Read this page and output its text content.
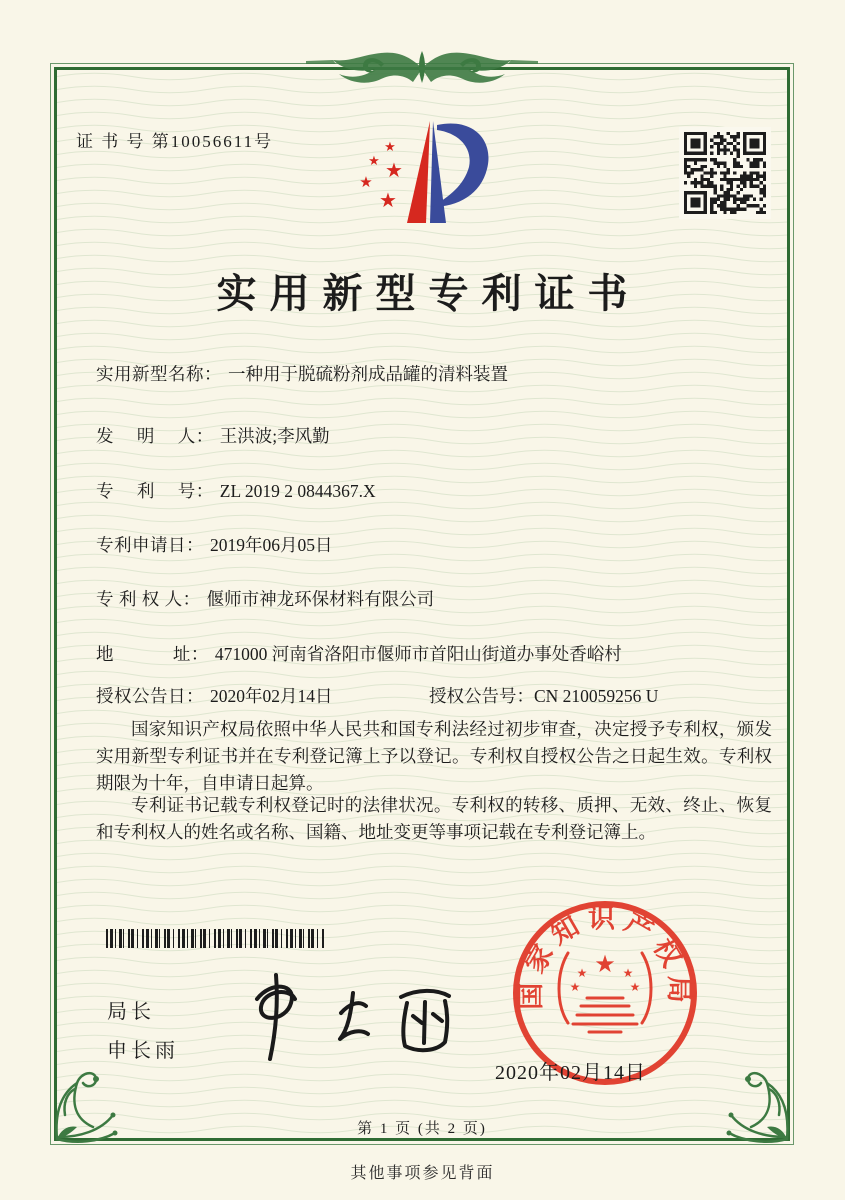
证 书 号 第10056611号	★
★ ★
★
★
实用新型专利证书
实用新型名称： 一种用于脱硫粉剂成品罐的清料装置
发　 明　 人： 王洪波;李风勤
专　 利　 号： ZL 2019 2 0844367.X
专利申请日： 2019年06月05日
专 利 权 人： 偃师市神龙环保材料有限公司
地　　　 址： 471000 河南省洛阳市偃师市首阳山街道办事处香峪村
授权公告日： 2020年02月14日	授权公告号：CN 210059256 U
国家知识产权局依照中华人民共和国专利法经过初步审查，决定授予专利权，颁发实用新型专利证书并在专利登记簿上予以登记。专利权自授权公告之日起生效。专利权期限为十年，自申请日起算。
专利证书记载专利权登记时的法律状况。专利权的转移、质押、无效、终止、恢复和专利权人的姓名或名称、国籍、地址变更等事项记载在专利登记簿上。
局长
申长雨
国家知识产权局
★
★	★
★	★
2020年02月14日
第 1 页 (共 2 页)
其他事项参见背面
